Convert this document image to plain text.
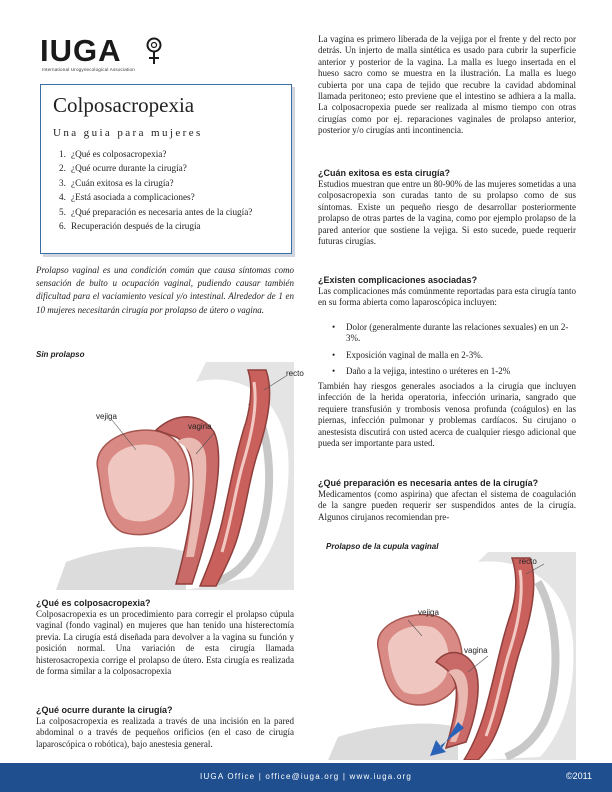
IUGA
International Urogynecological Association
Colposacropexia
Una guia para mujeres
1. ¿Qué es colposacropexia?
2. ¿Qué ocurre durante la cirugía?
3. ¿Cuán exitosa es la cirugía?
4. ¿Está asociada a complicaciones?
5. ¿Qué preparación es necesaria antes de la ciugía?
6. Recuperación después de la cirugía
Prolapso vaginal es una condición común que causa síntomas como sensación de bulto u ocupación vaginal, pudiendo causar también dificultad para el vaciamiento vesical y/o intestinal. Alrededor de 1 en 10 mujeres necesitarán cirugía por prolapso de útero o vagina.
Sin prolapso
recto
vejiga
vagina
¿Qué es colposacropexia?
Colposacropexia es un procedimiento para corregir el prolapso cúpula vaginal (fondo vaginal) en mujeres que han tenido una histerectomía previa. La cirugía está diseñada para devolver a la vagina su función y posición normal. Una variación de esta cirugía llamada histerosacropexia corrige el prolapso de útero. Esta cirugía es realizada de forma similar a la colposacropexia
¿Qué ocurre durante la cirugía?
La colposacropexia es realizada a través de una incisión en la pared abdominal o a través de pequeños orificios (en el caso de cirugía laparoscópica o robótica), bajo anestesia general.
La vagina es primero liberada de la vejiga por el frente y del recto por detrás. Un injerto de malla sintética es usado para cubrir la superficie anterior y posterior de la vagina. La malla es luego insertada en el hueso sacro como se muestra en la ilustración. La malla es luego cubierta por una capa de tejido que recubre la cavidad abdominal llamada peritoneo; esto previene que el intestino se adhiera a la malla. La colposacropexia puede ser realizada al mismo tiempo con otras cirugías como por ej. reparaciones vaginales de prolapso anterior, posterior y/o cirugías anti incontinencia.
¿Cuán exitosa es esta cirugía?
Estudios muestran que entre un 80-90% de las mujeres sometidas a una colposacropexia son curadas tanto de su prolapso como de sus síntomas. Existe un pequeño riesgo de desarrollar posteriormente prolapso de otras partes de la vagina, como por ejemplo prolapso de la pared anterior que sostiene la vejiga. Si esto sucede, puede requerir futuras cirugías.
¿Existen complicaciones asociadas?
Las complicaciones más comúnmente reportadas para esta cirugía tanto en su forma abierta como laparoscópica incluyen:
• Dolor (generalmente durante las relaciones sexuales) en un 2-3%.
• Exposición vaginal de malla en 2-3%.
• Daño a la vejiga, intestino o uréteres en 1-2%
También hay riesgos generales asociados a la cirugía que incluyen infección de la herida operatoria, infección urinaria, sangrado que requiere transfusión y trombosis venosa profunda (coágulos) en las piernas, infección pulmonar y problemas cardíacos. Su cirujano o anestesista discutirá con usted acerca de cualquier riesgo adicional que pueda ser importante para usted.
¿Qué preparación es necesaria antes de la cirugía?
Medicamentos (como aspirina) que afectan el sistema de coagulación de la sangre pueden requerir ser suspendidos antes de la cirugía. Algunos cirujanos recomiendan pre-
Prolapso de la cupula vaginal
recto
vejiga
vagina
IUGA Office | office@iuga.org | www.iuga.org	©2011
